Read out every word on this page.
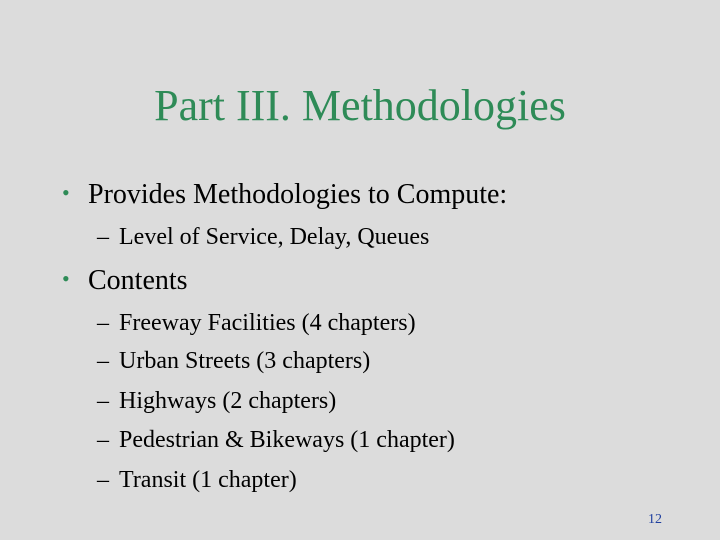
Part III. Methodologies
• Provides Methodologies to Compute:
– Level of Service, Delay, Queues
• Contents
– Freeway Facilities (4 chapters)
– Urban Streets (3 chapters)
– Highways (2 chapters)
– Pedestrian & Bikeways (1 chapter)
– Transit (1 chapter)
12
